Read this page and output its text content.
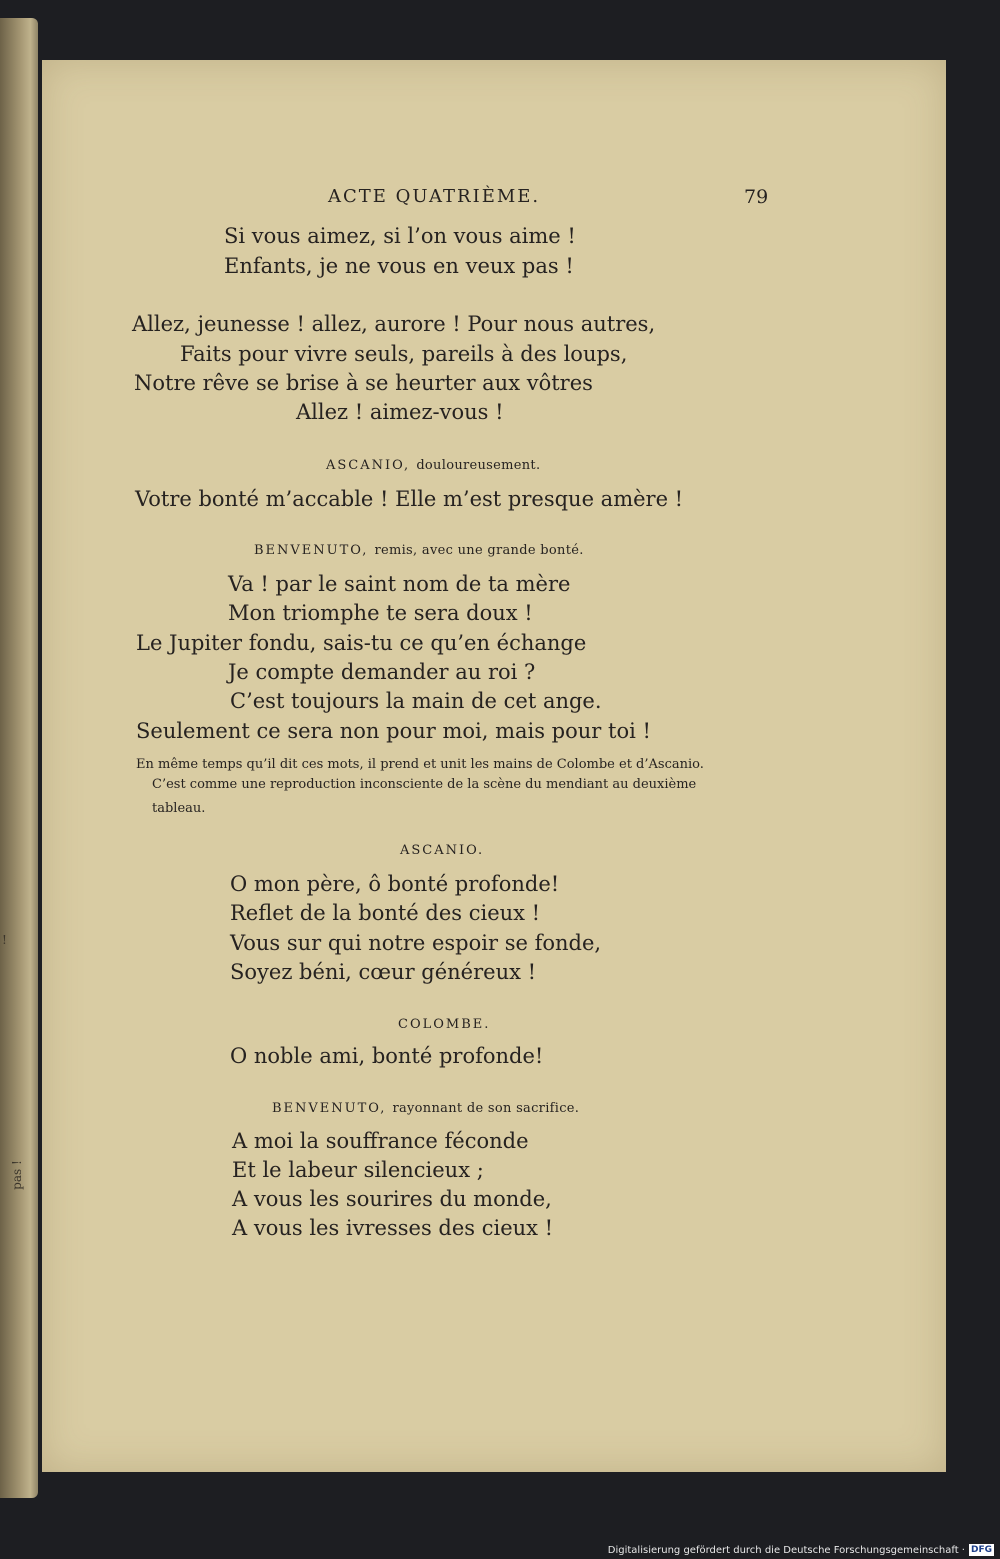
!
pas !

ACTE QUATRIÈME.	79

Si vous aimez, si l’on vous aime !

Enfants, je ne vous en veux pas !

Allez, jeunesse ! allez, aurore ! Pour nous autres,

Faits pour vivre seuls, pareils à des loups,

Notre rêve se brise à se heurter aux vôtres

Allez ! aimez-vous !

ASCANIO, douloureusement.

Votre bonté m’accable ! Elle m’est presque amère !

BENVENUTO, remis, avec une grande bonté.

Va ! par le saint nom de ta mère

Mon triomphe te sera doux !

Le Jupiter fondu, sais-tu ce qu’en échange

Je compte demander au roi ?

C’est toujours la main de cet ange.

Seulement ce sera non pour moi, mais pour toi !

En même temps qu’il dit ces mots, il prend et unit les mains de Colombe et d’Ascanio.

C’est comme une reproduction inconsciente de la scène du mendiant au deuxième

tableau.

ASCANIO.

O mon père, ô bonté profonde!

Reflet de la bonté des cieux !

Vous sur qui notre espoir se fonde,

Soyez béni, cœur généreux !

COLOMBE.

O noble ami, bonté profonde!

BENVENUTO, rayonnant de son sacrifice.

A moi la souffrance féconde

Et le labeur silencieux ;

A vous les sourires du monde,

A vous les ivresses des cieux !

Digitalisierung gefördert durch die Deutsche Forschungsgemeinschaft · DFG
